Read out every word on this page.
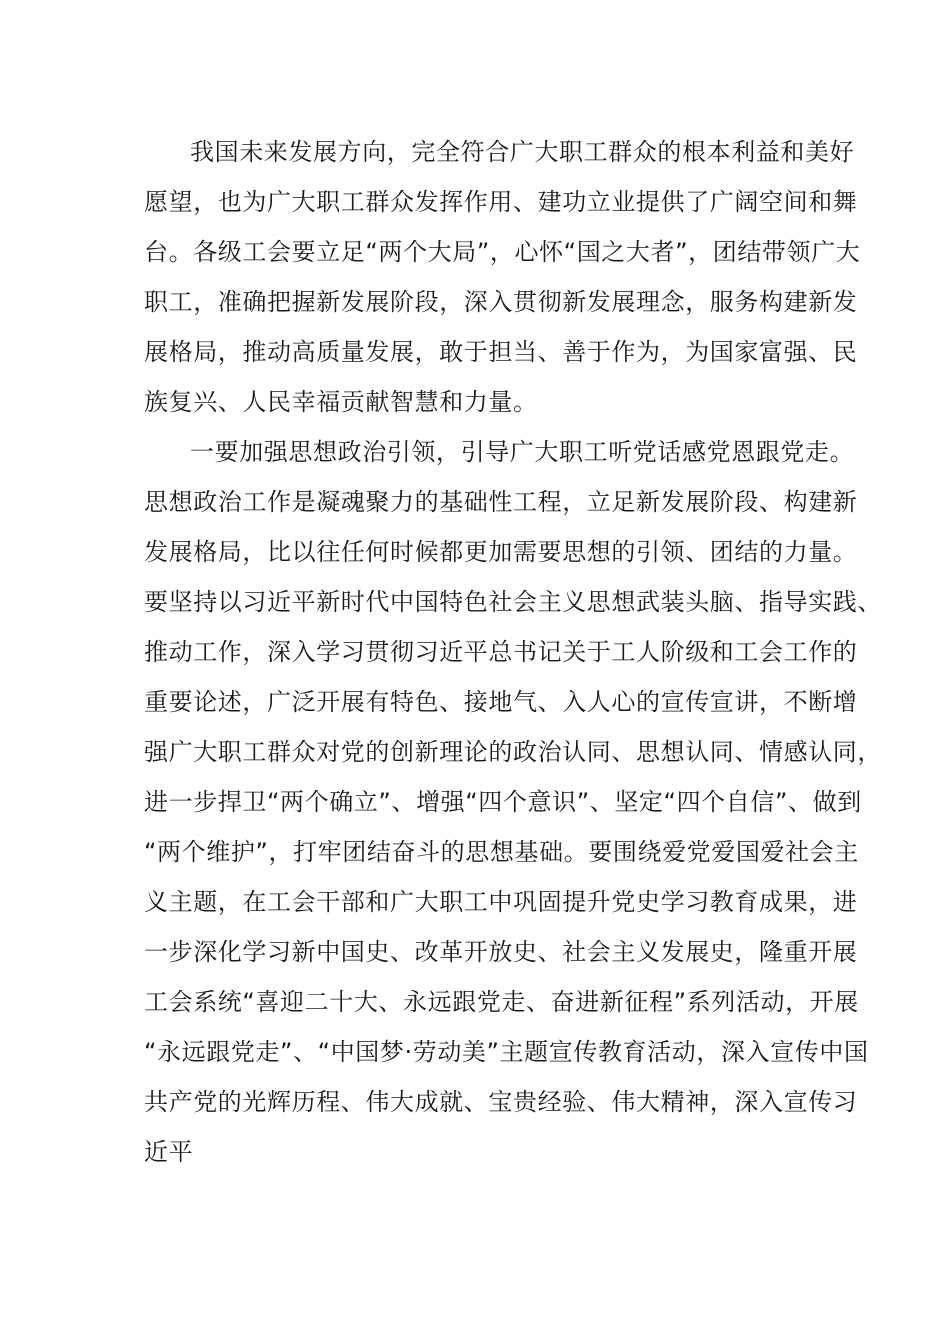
我国未来发展方向，完全符合广大职工群众的根本利益和美好
愿望，也为广大职工群众发挥作用、建功立业提供了广阔空间和舞
台。各级工会要立足“两个大局”，心怀“国之大者”，团结带领广大
职工，准确把握新发展阶段，深入贯彻新发展理念，服务构建新发
展格局，推动高质量发展，敢于担当、善于作为，为国家富强、民
族复兴、人民幸福贡献智慧和力量。
一要加强思想政治引领，引导广大职工听党话感党恩跟党走。
思想政治工作是凝魂聚力的基础性工程，立足新发展阶段、构建新
发展格局，比以往任何时候都更加需要思想的引领、团结的力量。
要坚持以习近平新时代中国特色社会主义思想武装头脑、指导实践、
推动工作，深入学习贯彻习近平总书记关于工人阶级和工会工作的
重要论述，广泛开展有特色、接地气、入人心的宣传宣讲，不断增
强广大职工群众对党的创新理论的政治认同、思想认同、情感认同，
进一步捍卫“两个确立”、增强“四个意识”、坚定“四个自信”、做到
“两个维护”，打牢团结奋斗的思想基础。要围绕爱党爱国爱社会主
义主题，在工会干部和广大职工中巩固提升党史学习教育成果，进
一步深化学习新中国史、改革开放史、社会主义发展史，隆重开展
工会系统“喜迎二十大、永远跟党走、奋进新征程”系列活动，开展
“永远跟党走”、“中国梦·劳动美”主题宣传教育活动，深入宣传中国
共产党的光辉历程、伟大成就、宝贵经验、伟大精神，深入宣传习
近平
